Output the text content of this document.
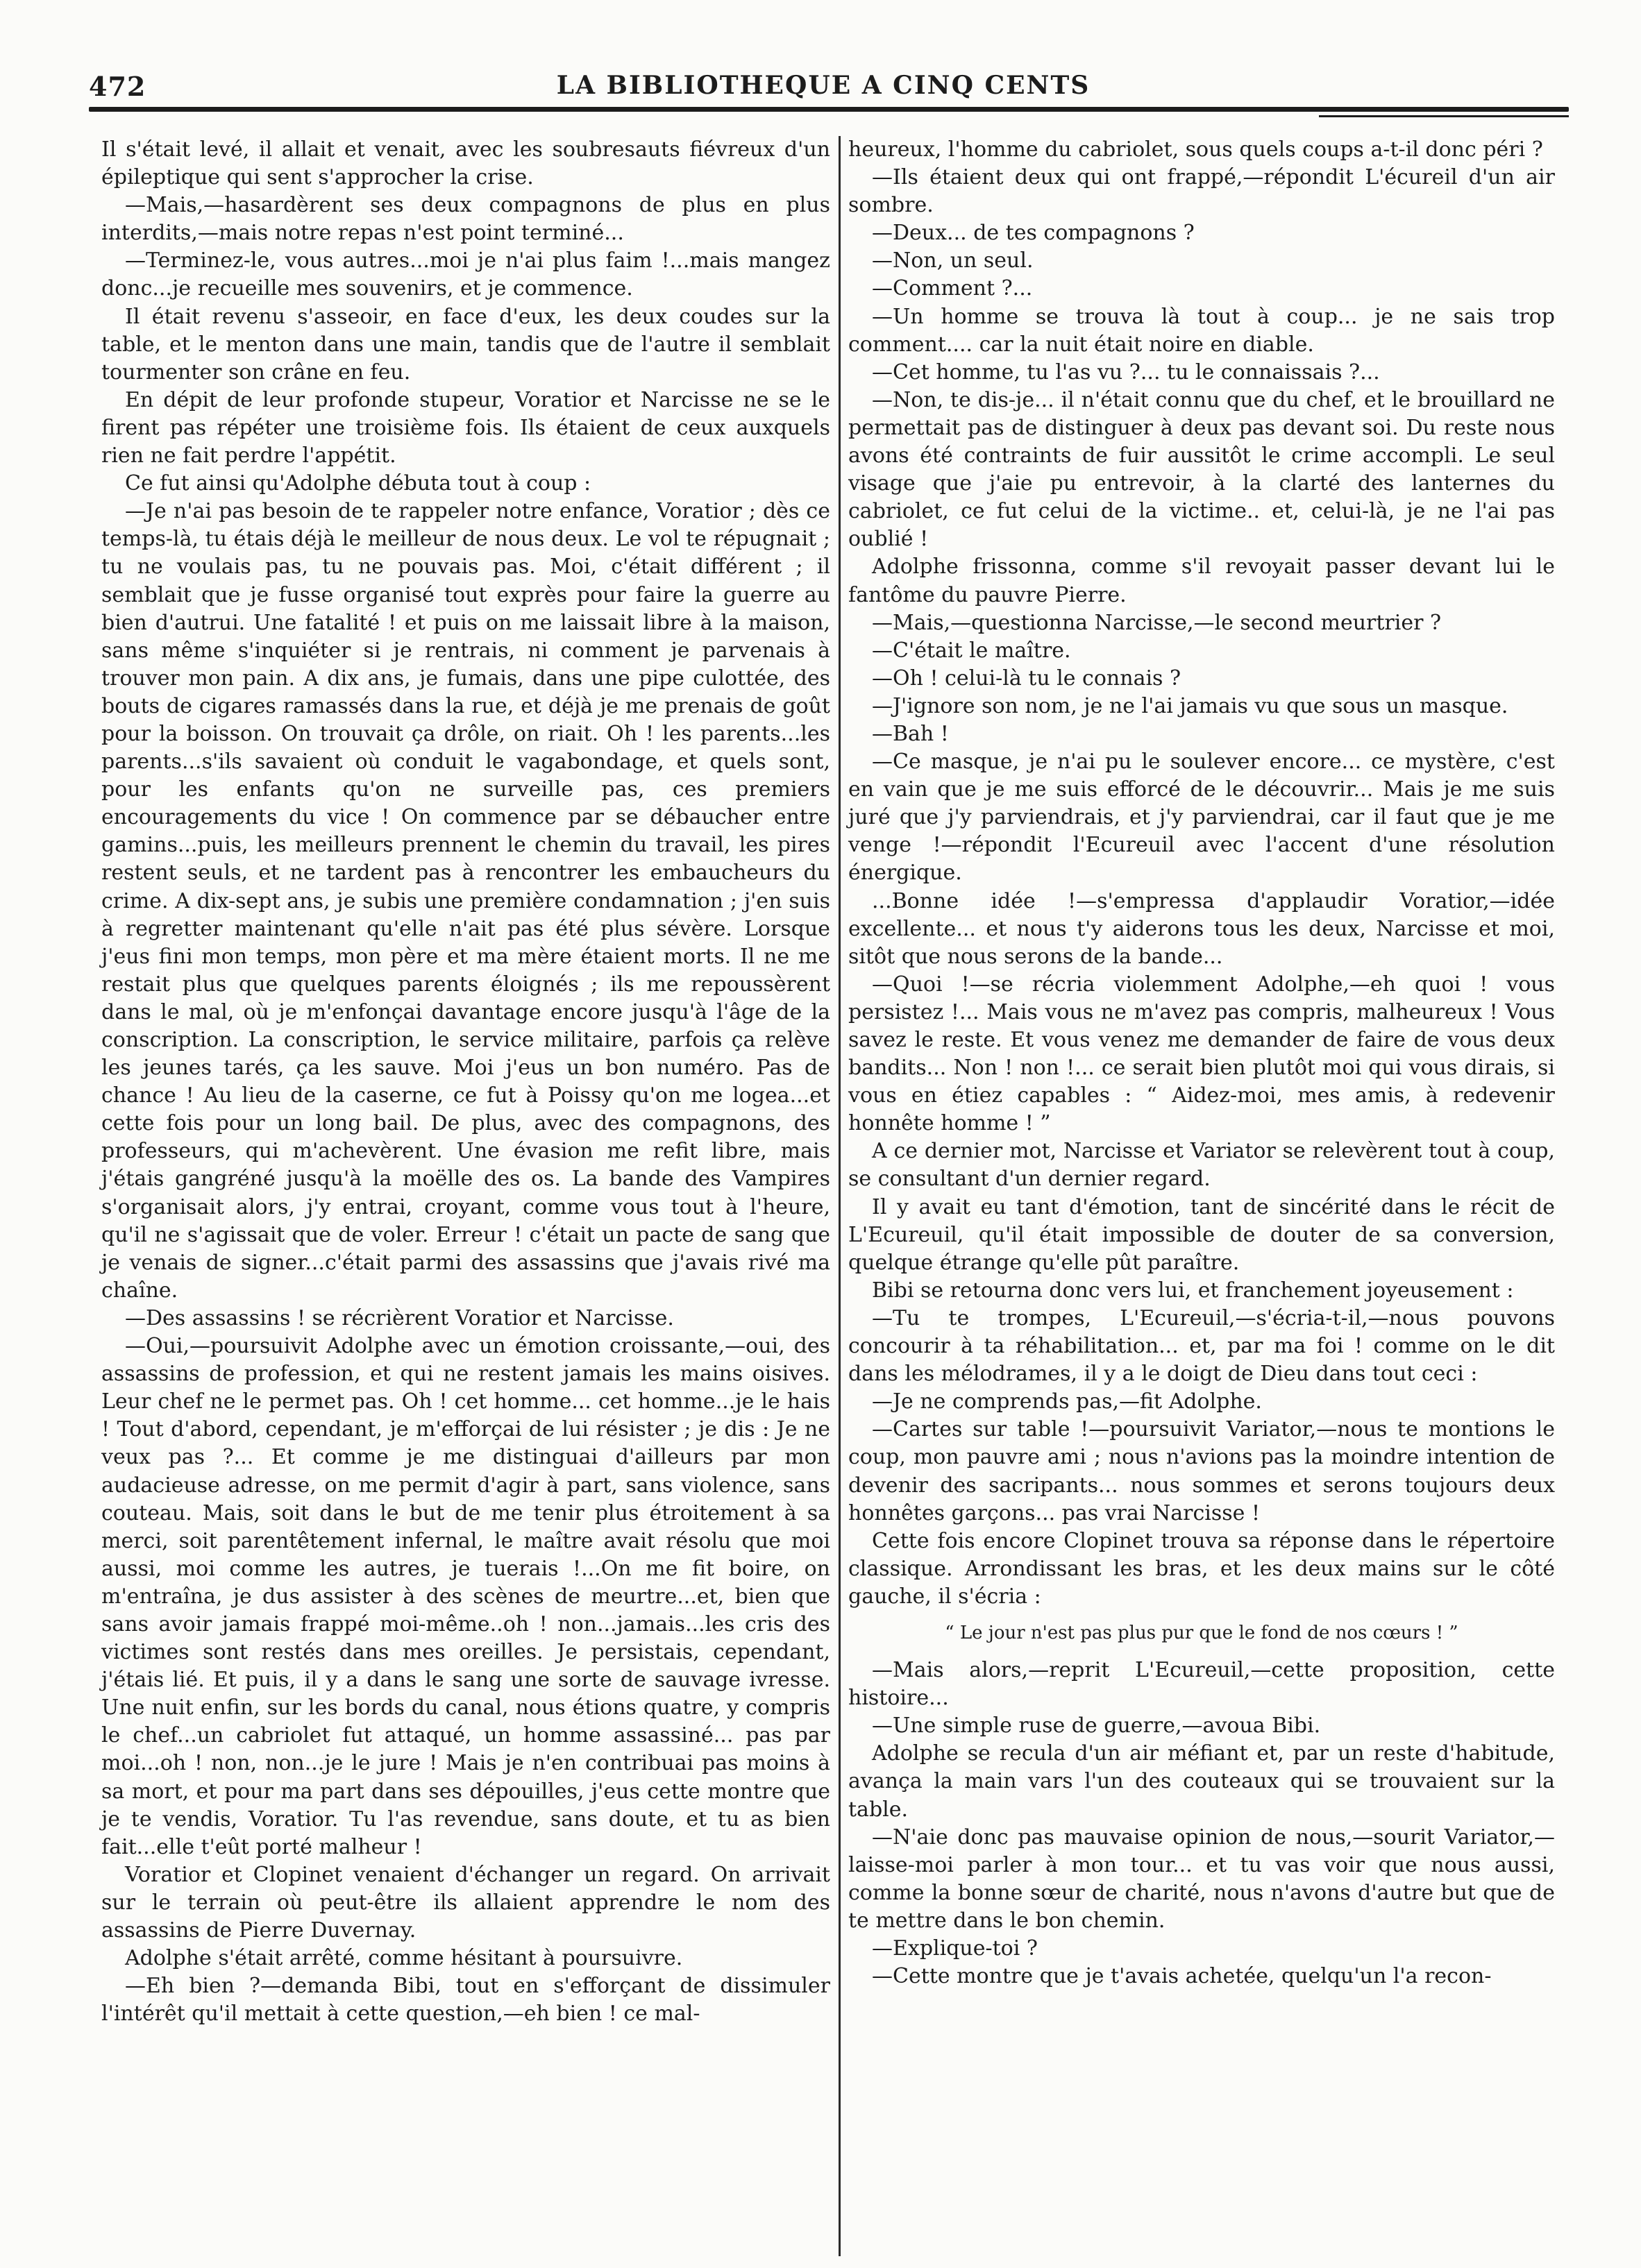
472	LA BIBLIOTHEQUE A CINQ CENTS

Il s'était levé, il allait et venait, avec les soubresauts fiévreux d'un épileptique qui sent s'approcher la crise.

—Mais,—hasardèrent ses deux compagnons de plus en plus interdits,—mais notre repas n'est point terminé...

—Terminez-le, vous autres...moi je n'ai plus faim !...mais mangez donc...je recueille mes souvenirs, et je commence.

Il était revenu s'asseoir, en face d'eux, les deux coudes sur la table, et le menton dans une main, tandis que de l'autre il semblait tourmenter son crâne en feu.

En dépit de leur profonde stupeur, Voratior et Narcisse ne se le firent pas répéter une troisième fois. Ils étaient de ceux auxquels rien ne fait perdre l'appétit.

Ce fut ainsi qu'Adolphe débuta tout à coup :

—Je n'ai pas besoin de te rappeler notre enfance, Voratior ; dès ce temps-là, tu étais déjà le meilleur de nous deux. Le vol te répugnait ; tu ne voulais pas, tu ne pouvais pas. Moi, c'était différent ; il semblait que je fusse organisé tout exprès pour faire la guerre au bien d'autrui. Une fatalité ! et puis on me laissait libre à la maison, sans même s'inquiéter si je rentrais, ni comment je parvenais à trouver mon pain. A dix ans, je fumais, dans une pipe culottée, des bouts de cigares ramassés dans la rue, et déjà je me prenais de goût pour la boisson. On trouvait ça drôle, on riait. Oh ! les parents...les parents...s'ils savaient où conduit le vagabondage, et quels sont, pour les enfants qu'on ne surveille pas, ces premiers encouragements du vice ! On commence par se débaucher entre gamins...puis, les meilleurs prennent le chemin du travail, les pires restent seuls, et ne tardent pas à rencontrer les embaucheurs du crime. A dix-sept ans, je subis une première condamnation ; j'en suis à regretter maintenant qu'elle n'ait pas été plus sévère. Lorsque j'eus fini mon temps, mon père et ma mère étaient morts. Il ne me restait plus que quelques parents éloignés ; ils me repoussèrent dans le mal, où je m'enfonçai davantage encore jusqu'à l'âge de la conscription. La conscription, le service militaire, parfois ça relève les jeunes tarés, ça les sauve. Moi j'eus un bon numéro. Pas de chance ! Au lieu de la caserne, ce fut à Poissy qu'on me logea...et cette fois pour un long bail. De plus, avec des compagnons, des professeurs, qui m'achevèrent. Une évasion me refit libre, mais j'étais gangréné jusqu'à la moëlle des os. La bande des Vampires s'organisait alors, j'y entrai, croyant, comme vous tout à l'heure, qu'il ne s'agissait que de voler. Erreur ! c'était un pacte de sang que je venais de signer...c'était parmi des assassins que j'avais rivé ma chaîne.

—Des assassins ! se récrièrent Voratior et Narcisse.

—Oui,—poursuivit Adolphe avec un émotion croissante,—oui, des assassins de profession, et qui ne restent jamais les mains oisives. Leur chef ne le permet pas. Oh ! cet homme... cet homme...je le hais ! Tout d'abord, cependant, je m'efforçai de lui résister ; je dis : Je ne veux pas ?... Et comme je me distinguai d'ailleurs par mon audacieuse adresse, on me permit d'agir à part, sans violence, sans couteau. Mais, soit dans le but de me tenir plus étroitement à sa merci, soit parentêtement infernal, le maître avait résolu que moi aussi, moi comme les autres, je tuerais !...On me fit boire, on m'entraîna, je dus assister à des scènes de meurtre...et, bien que sans avoir jamais frappé moi-même..oh ! non...jamais...les cris des victimes sont restés dans mes oreilles. Je persistais, cependant, j'étais lié. Et puis, il y a dans le sang une sorte de sauvage ivresse. Une nuit enfin, sur les bords du canal, nous étions quatre, y compris le chef...un cabriolet fut attaqué, un homme assassiné... pas par moi...oh ! non, non...je le jure ! Mais je n'en contribuai pas moins à sa mort, et pour ma part dans ses dépouilles, j'eus cette montre que je te vendis, Voratior. Tu l'as revendue, sans doute, et tu as bien fait...elle t'eût porté malheur !

Voratior et Clopinet venaient d'échanger un regard. On arrivait sur le terrain où peut-être ils allaient apprendre le nom des assassins de Pierre Duvernay.

Adolphe s'était arrêté, comme hésitant à poursuivre.

—Eh bien ?—demanda Bibi, tout en s'efforçant de dissimuler l'intérêt qu'il mettait à cette question,—eh bien ! ce mal-

heureux, l'homme du cabriolet, sous quels coups a-t-il donc péri ?

—Ils étaient deux qui ont frappé,—répondit L'écureil d'un air sombre.

—Deux... de tes compagnons ?

—Non, un seul.

—Comment ?...

—Un homme se trouva là tout à coup... je ne sais trop comment.... car la nuit était noire en diable.

—Cet homme, tu l'as vu ?... tu le connaissais ?...

—Non, te dis-je... il n'était connu que du chef, et le brouillard ne permettait pas de distinguer à deux pas devant soi. Du reste nous avons été contraints de fuir aussitôt le crime accompli. Le seul visage que j'aie pu entrevoir, à la clarté des lanternes du cabriolet, ce fut celui de la victime.. et, celui-là, je ne l'ai pas oublié !

Adolphe frissonna, comme s'il revoyait passer devant lui le fantôme du pauvre Pierre.

—Mais,—questionna Narcisse,—le second meurtrier ?

—C'était le maître.

—Oh ! celui-là tu le connais ?

—J'ignore son nom, je ne l'ai jamais vu que sous un masque.

—Bah !

—Ce masque, je n'ai pu le soulever encore... ce mystère, c'est en vain que je me suis efforcé de le découvrir... Mais je me suis juré que j'y parviendrais, et j'y parviendrai, car il faut que je me venge !—répondit l'Ecureuil avec l'accent d'une résolution énergique.

...Bonne idée !—s'empressa d'applaudir Voratior,—idée excellente... et nous t'y aiderons tous les deux, Narcisse et moi, sitôt que nous serons de la bande...

—Quoi !—se récria violemment Adolphe,—eh quoi ! vous persistez !... Mais vous ne m'avez pas compris, malheureux ! Vous savez le reste. Et vous venez me demander de faire de vous deux bandits... Non ! non !... ce serait bien plutôt moi qui vous dirais, si vous en étiez capables : “ Aidez-moi, mes amis, à redevenir honnête homme ! ”

A ce dernier mot, Narcisse et Variator se relevèrent tout à coup, se consultant d'un dernier regard.

Il y avait eu tant d'émotion, tant de sincérité dans le récit de L'Ecureuil, qu'il était impossible de douter de sa conversion, quelque étrange qu'elle pût paraître.

Bibi se retourna donc vers lui, et franchement joyeusement :

—Tu te trompes, L'Ecureuil,—s'écria-t-il,—nous pouvons concourir à ta réhabilitation... et, par ma foi ! comme on le dit dans les mélodrames, il y a le doigt de Dieu dans tout ceci :

—Je ne comprends pas,—fit Adolphe.

—Cartes sur table !—poursuivit Variator,—nous te montions le coup, mon pauvre ami ; nous n'avions pas la moindre intention de devenir des sacripants... nous sommes et serons toujours deux honnêtes garçons... pas vrai Narcisse !

Cette fois encore Clopinet trouva sa réponse dans le répertoire classique. Arrondissant les bras, et les deux mains sur le côté gauche, il s'écria :

“ Le jour n'est pas plus pur que le fond de nos cœurs ! ”

—Mais alors,—reprit L'Ecureuil,—cette proposition, cette histoire...

—Une simple ruse de guerre,—avoua Bibi.

Adolphe se recula d'un air méfiant et, par un reste d'habitude, avança la main vars l'un des couteaux qui se trouvaient sur la table.

—N'aie donc pas mauvaise opinion de nous,—sourit Variator,—laisse-moi parler à mon tour... et tu vas voir que nous aussi, comme la bonne sœur de charité, nous n'avons d'autre but que de te mettre dans le bon chemin.

—Explique-toi ?

—Cette montre que je t'avais achetée, quelqu'un l'a recon-
